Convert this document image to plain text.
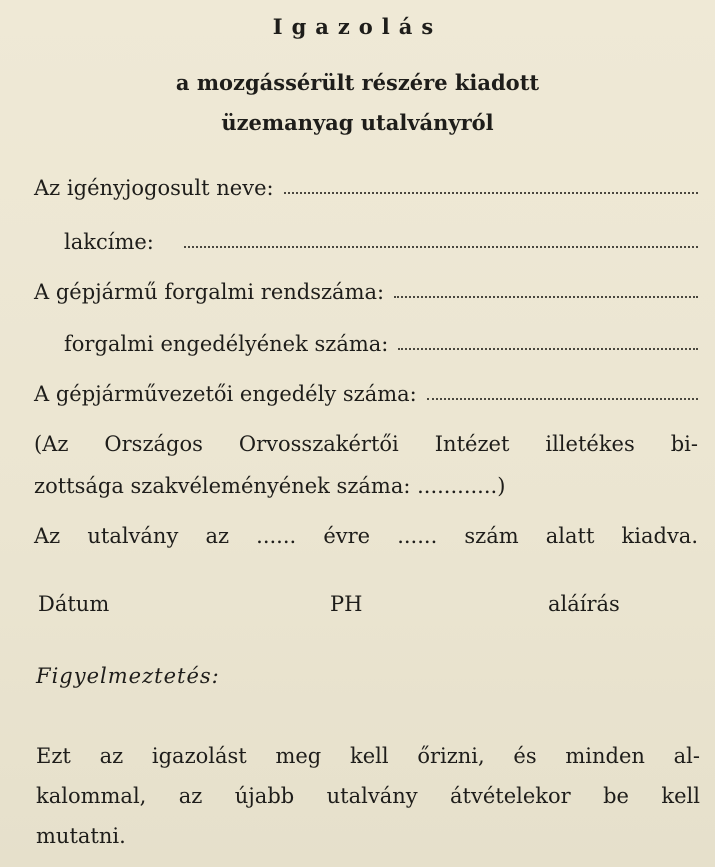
Igazolás
a mozgássérült részére kiadott
üzemanyag utalványról
Az igényjogosult neve:
lakcíme:
A gépjármű forgalmi rendszáma:
forgalmi engedélyének száma:
A gépjárművezetői engedély száma:
(Az Országos Orvosszakértői Intézet illetékes bi-
zottsága szakvéleményének száma: ............)
Az utalvány az ...... évre ...... szám alatt kiadva.
Dátum	PH	aláírás
Figyelmeztetés:
Ezt az igazolást meg kell őrizni, és minden al-
kalommal, az újabb utalvány átvételekor be kell
mutatni.
